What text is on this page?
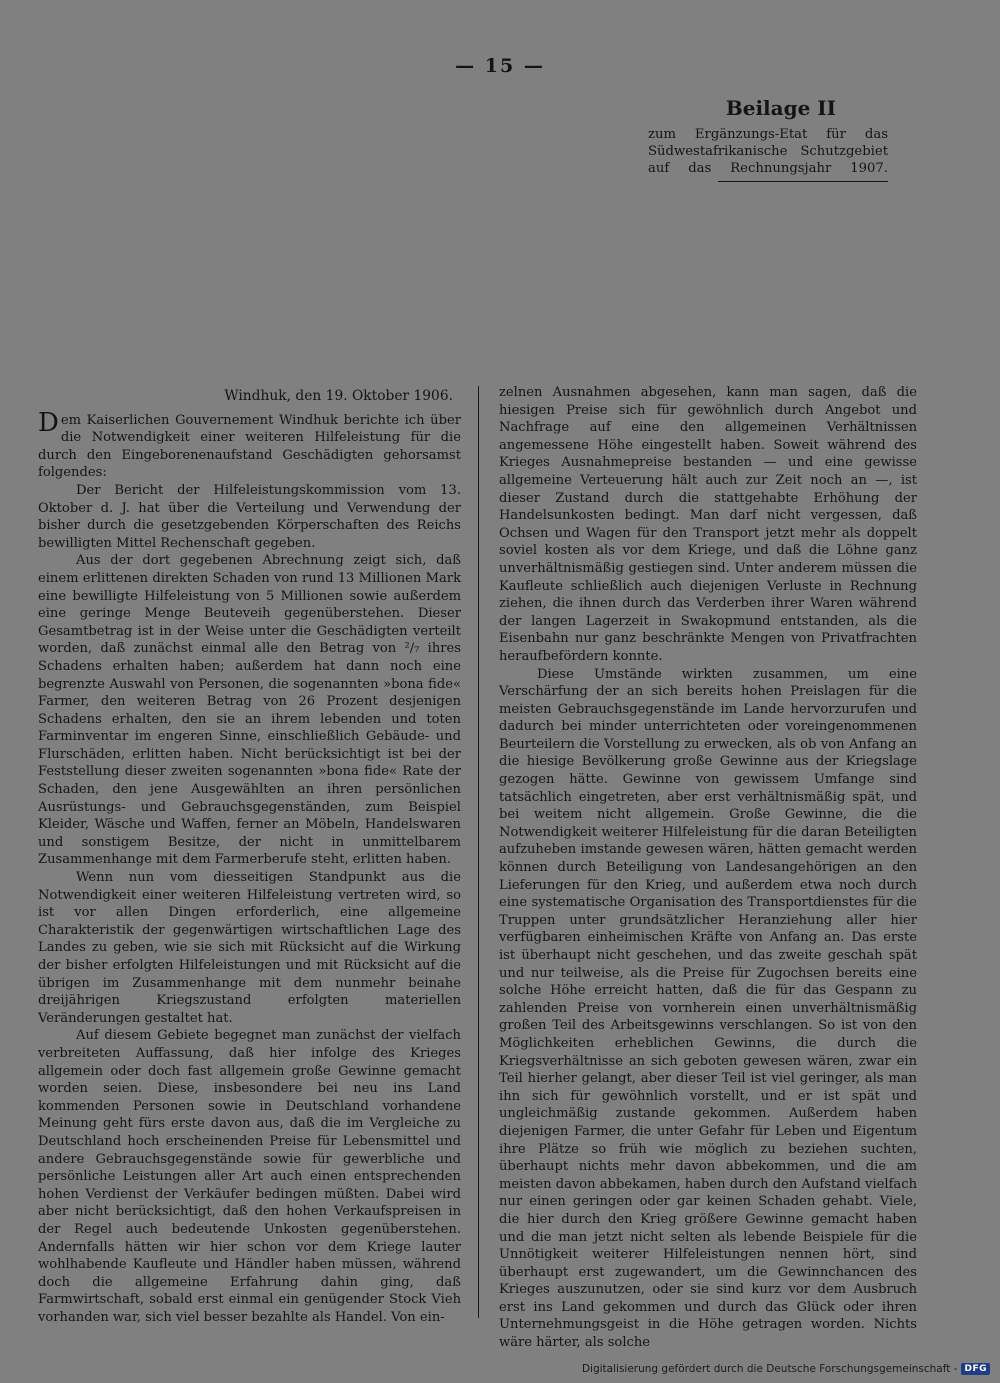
— 15 —
Beilage II
zum Ergänzungs-Etat für das
Südwestafrikanische Schutzgebiet
auf das Rechnungsjahr 1907.
Windhuk, den 19. Oktober 1906.

Dem Kaiserlichen Gouvernement Windhuk berichte ich über die Notwendigkeit einer weiteren Hilfeleistung für die durch den Eingeborenenaufstand Geschädigten gehorsamst folgendes:

Der Bericht der Hilfeleistungskommission vom 13. Oktober d. J. hat über die Verteilung und Verwendung der bisher durch die gesetzgebenden Körperschaften des Reichs bewilligten Mittel Rechenschaft gegeben.

Aus der dort gegebenen Abrechnung zeigt sich, daß einem erlittenen direkten Schaden von rund 13 Millionen Mark eine bewilligte Hilfeleistung von 5 Millionen sowie außerdem eine geringe Menge Beuteveih gegenüberstehen. Dieser Gesamtbetrag ist in der Weise unter die Geschädigten verteilt worden, daß zunächst einmal alle den Betrag von ²/₇ ihres Schadens erhalten haben; außerdem hat dann noch eine begrenzte Auswahl von Personen, die sogenannten »bona fide« Farmer, den weiteren Betrag von 26 Prozent desjenigen Schadens erhalten, den sie an ihrem lebenden und toten Farminventar im engeren Sinne, einschließlich Gebäude- und Flurschäden, erlitten haben. Nicht berücksichtigt ist bei der Feststellung dieser zweiten sogenannten »bona fide« Rate der Schaden, den jene Ausgewählten an ihren persönlichen Ausrüstungs- und Gebrauchsgegenständen, zum Beispiel Kleider, Wäsche und Waffen, ferner an Möbeln, Handelswaren und sonstigem Besitze, der nicht in unmittelbarem Zusammenhange mit dem Farmerberufe steht, erlitten haben.

Wenn nun vom diesseitigen Standpunkt aus die Notwendigkeit einer weiteren Hilfeleistung vertreten wird, so ist vor allen Dingen erforderlich, eine allgemeine Charakteristik der gegenwärtigen wirtschaftlichen Lage des Landes zu geben, wie sie sich mit Rücksicht auf die Wirkung der bisher erfolgten Hilfeleistungen und mit Rücksicht auf die übrigen im Zusammenhange mit dem nunmehr beinahe dreijährigen Kriegszustand erfolgten materiellen Veränderungen gestaltet hat.

Auf diesem Gebiete begegnet man zunächst der vielfach verbreiteten Auffassung, daß hier infolge des Krieges allgemein oder doch fast allgemein große Gewinne gemacht worden seien. Diese, insbesondere bei neu ins Land kommenden Personen sowie in Deutschland vorhandene Meinung geht fürs erste davon aus, daß die im Vergleiche zu Deutschland hoch erscheinenden Preise für Lebensmittel und andere Gebrauchsgegenstände sowie für gewerbliche und persönliche Leistungen aller Art auch einen entsprechenden hohen Verdienst der Verkäufer bedingen müßten. Dabei wird aber nicht berücksichtigt, daß den hohen Verkaufspreisen in der Regel auch bedeutende Unkosten gegenüberstehen. Andernfalls hätten wir hier schon vor dem Kriege lauter wohlhabende Kaufleute und Händler haben müssen, während doch die allgemeine Erfahrung dahin ging, daß Farmwirtschaft, sobald erst einmal ein genügender Stock Vieh vorhanden war, sich viel besser bezahlte als Handel. Von ein-

zelnen Ausnahmen abgesehen, kann man sagen, daß die hiesigen Preise sich für gewöhnlich durch Angebot und Nachfrage auf eine den allgemeinen Verhältnissen angemessene Höhe eingestellt haben. Soweit während des Krieges Ausnahmepreise bestanden — und eine gewisse allgemeine Verteuerung hält auch zur Zeit noch an —, ist dieser Zustand durch die stattgehabte Erhöhung der Handelsunkosten bedingt. Man darf nicht vergessen, daß Ochsen und Wagen für den Transport jetzt mehr als doppelt soviel kosten als vor dem Kriege, und daß die Löhne ganz unverhältnismäßig gestiegen sind. Unter anderem müssen die Kaufleute schließlich auch diejenigen Verluste in Rechnung ziehen, die ihnen durch das Verderben ihrer Waren während der langen Lagerzeit in Swakopmund entstanden, als die Eisenbahn nur ganz beschränkte Mengen von Privatfrachten heraufbefördern konnte.

Diese Umstände wirkten zusammen, um eine Verschärfung der an sich bereits hohen Preislagen für die meisten Gebrauchsgegenstände im Lande hervorzurufen und dadurch bei minder unterrichteten oder voreingenommenen Beurteilern die Vorstellung zu erwecken, als ob von Anfang an die hiesige Bevölkerung große Gewinne aus der Kriegslage gezogen hätte. Gewinne von gewissem Umfange sind tatsächlich eingetreten, aber erst verhältnismäßig spät, und bei weitem nicht allgemein. Große Gewinne, die die Notwendigkeit weiterer Hilfeleistung für die daran Beteiligten aufzuheben imstande gewesen wären, hätten gemacht werden können durch Beteiligung von Landesangehörigen an den Lieferungen für den Krieg, und außerdem etwa noch durch eine systematische Organisation des Transportdienstes für die Truppen unter grundsätzlicher Heranziehung aller hier verfügbaren einheimischen Kräfte von Anfang an. Das erste ist überhaupt nicht geschehen, und das zweite geschah spät und nur teilweise, als die Preise für Zugochsen bereits eine solche Höhe erreicht hatten, daß die für das Gespann zu zahlenden Preise von vornherein einen unverhältnismäßig großen Teil des Arbeitsgewinns verschlangen. So ist von den Möglichkeiten erheblichen Gewinns, die durch die Kriegsverhältnisse an sich geboten gewesen wären, zwar ein Teil hierher gelangt, aber dieser Teil ist viel geringer, als man ihn sich für gewöhnlich vorstellt, und er ist spät und ungleichmäßig zustande gekommen. Außerdem haben diejenigen Farmer, die unter Gefahr für Leben und Eigentum ihre Plätze so früh wie möglich zu beziehen suchten, überhaupt nichts mehr davon abbekommen, und die am meisten davon abbekamen, haben durch den Aufstand vielfach nur einen geringen oder gar keinen Schaden gehabt. Viele, die hier durch den Krieg größere Gewinne gemacht haben und die man jetzt nicht selten als lebende Beispiele für die Unnötigkeit weiterer Hilfeleistungen nennen hört, sind überhaupt erst zugewandert, um die Gewinnchancen des Krieges auszunutzen, oder sie sind kurz vor dem Ausbruch erst ins Land gekommen und durch das Glück oder ihren Unternehmungsgeist in die Höhe getragen worden. Nichts wäre härter, als solche

Digitalisierung gefördert durch die Deutsche Forschungsgemeinschaft - DFG
